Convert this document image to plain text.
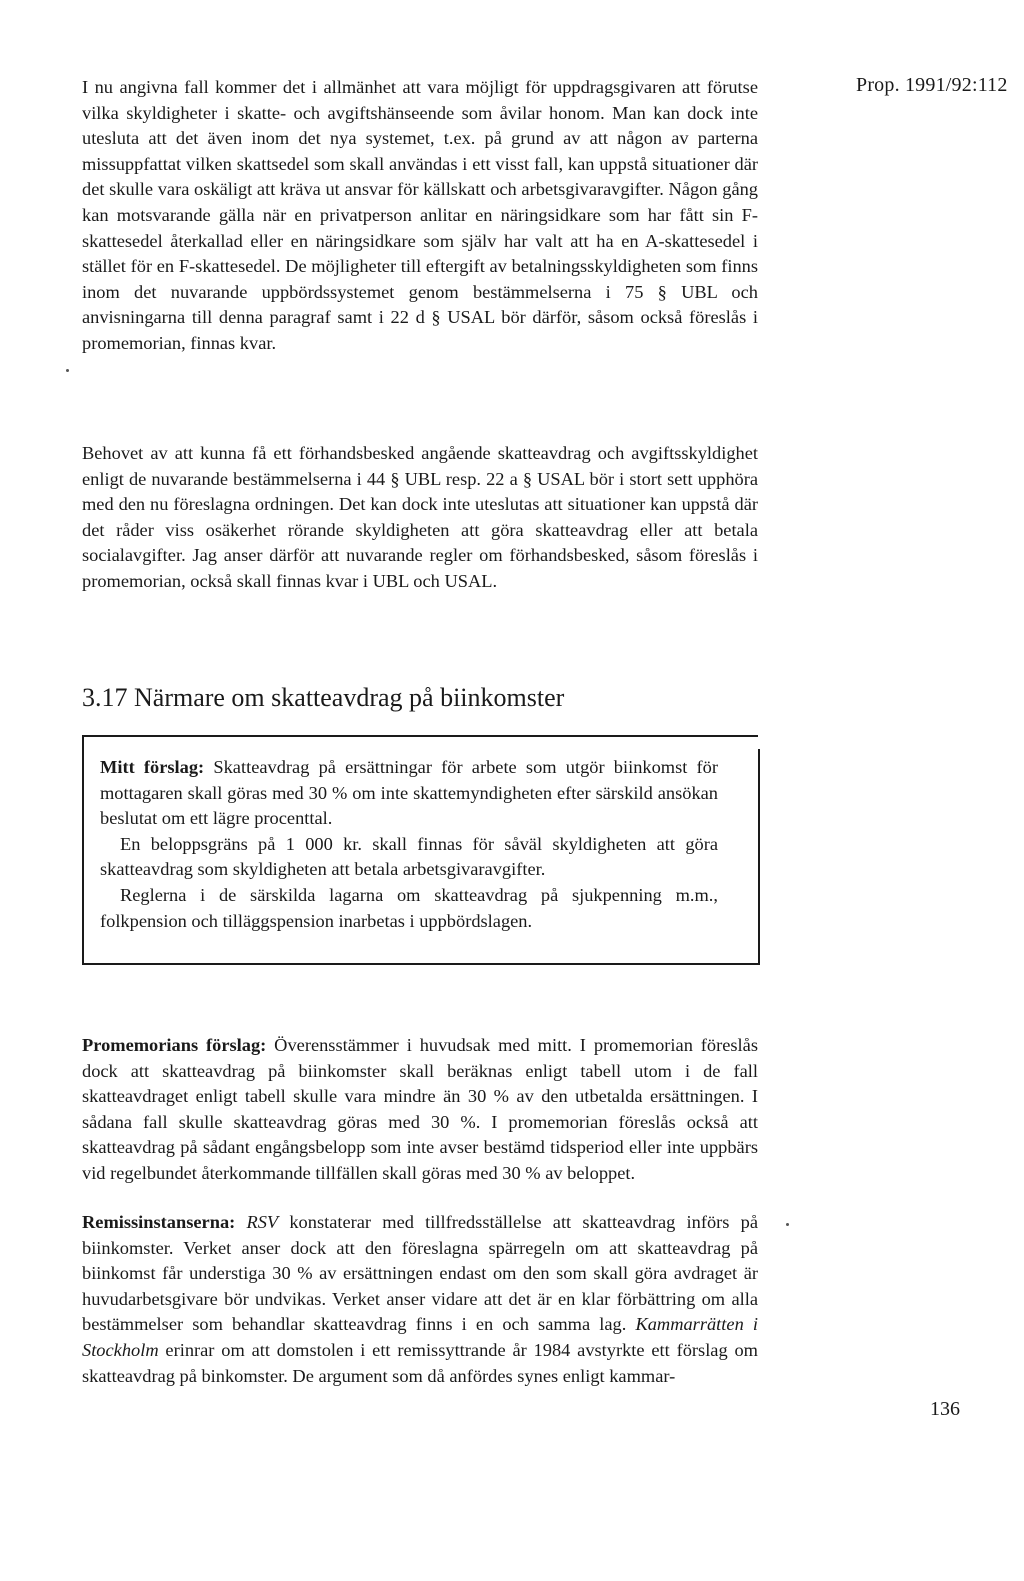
Prop. 1991/92:112

I nu angivna fall kommer det i allmänhet att vara möjligt för uppdragsgivaren att förutse vilka skyldigheter i skatte- och avgiftshänseende som åvilar honom. Man kan dock inte utesluta att det även inom det nya systemet, t.ex. på grund av att någon av parterna missuppfattat vilken skattsedel som skall användas i ett visst fall, kan uppstå situationer där det skulle vara oskäligt att kräva ut ansvar för källskatt och arbetsgivaravgifter. Någon gång kan motsvarande gälla när en privatperson anlitar en näringsidkare som har fått sin F-skattesedel återkallad eller en näringsidkare som själv har valt att ha en A-skattesedel i stället för en F-skattesedel. De möjligheter till eftergift av betalningsskyldigheten som finns inom det nuvarande uppbördssystemet genom bestämmelserna i 75 § UBL och anvisningarna till denna paragraf samt i 22 d § USAL bör därför, såsom också föreslås i promemorian, finnas kvar.

Behovet av att kunna få ett förhandsbesked angående skatteavdrag och avgiftsskyldighet enligt de nuvarande bestämmelserna i 44 § UBL resp. 22 a § USAL bör i stort sett upphöra med den nu föreslagna ordningen. Det kan dock inte uteslutas att situationer kan uppstå där det råder viss osäkerhet rörande skyldigheten att göra skatteavdrag eller att betala socialavgifter. Jag anser därför att nuvarande regler om förhandsbesked, såsom föreslås i promemorian, också skall finnas kvar i UBL och USAL.

3.17 Närmare om skatteavdrag på biinkomster

Mitt förslag: Skatteavdrag på ersättningar för arbete som utgör biinkomst för mottagaren skall göras med 30 % om inte skattemyndigheten efter särskild ansökan beslutat om ett lägre procenttal.

En beloppsgräns på 1 000 kr. skall finnas för såväl skyldigheten att göra skatteavdrag som skyldigheten att betala arbetsgivaravgifter.

Reglerna i de särskilda lagarna om skatteavdrag på sjukpenning m.m., folkpension och tilläggspension inarbetas i uppbördslagen.

Promemorians förslag: Överensstämmer i huvudsak med mitt. I promemorian föreslås dock att skatteavdrag på biinkomster skall beräknas enligt tabell utom i de fall skatteavdraget enligt tabell skulle vara mindre än 30 % av den utbetalda ersättningen. I sådana fall skulle skatteavdrag göras med 30 %. I promemorian föreslås också att skatteavdrag på sådant engångsbelopp som inte avser bestämd tidsperiod eller inte uppbärs vid regelbundet återkommande tillfällen skall göras med 30 % av beloppet.

Remissinstanserna: RSV konstaterar med tillfredsställelse att skatteavdrag införs på biinkomster. Verket anser dock att den föreslagna spärregeln om att skatteavdrag på biinkomst får understiga 30 % av ersättningen endast om den som skall göra avdraget är huvudarbetsgivare bör undvikas. Verket anser vidare att det är en klar förbättring om alla bestämmelser som behandlar skatteavdrag finns i en och samma lag. Kammarrätten i Stockholm erinrar om att domstolen i ett remissyttrande år 1984 avstyrkte ett förslag om skatteavdrag på binkomster. De argument som då anfördes synes enligt kammar-

136
